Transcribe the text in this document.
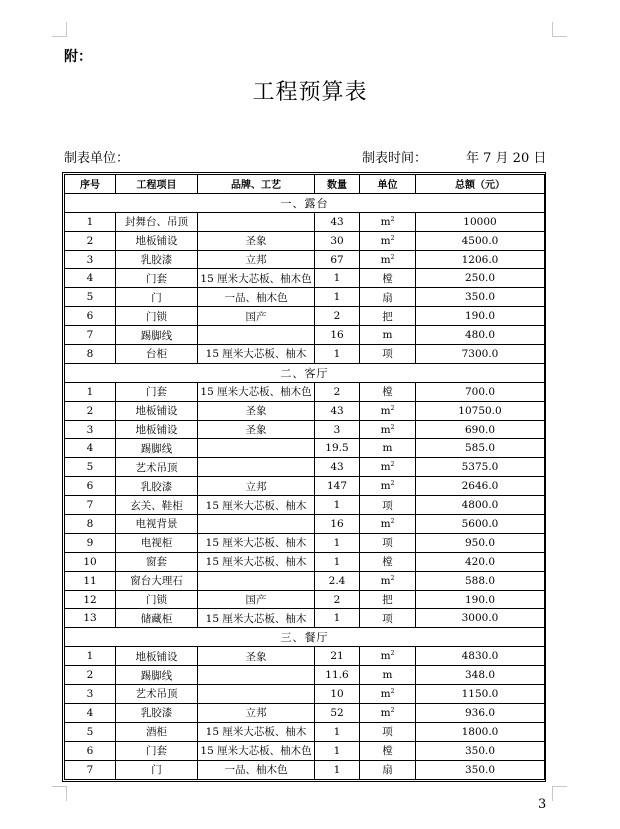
附：
工程预算表
制表单位：	制表时间：	年 7 月 20 日
序号	工程项目	品牌、工艺	数量	单位	总额（元）
一、露台					
1	封舞台、吊顶		43	$m^2$	10000
2	地板铺设	圣象	30	$m^2$	4500.0
3	乳胶漆	立邦	67	$m^2$	1206.0
4	门套	15 厘米大芯板、柚木色	1	樘	250.0
5	门	一品、柚木色	1	扇	350.0
6	门锁	国产	2	把	190.0
7	踢脚线		16	m	480.0
8	台柜	15 厘米大芯板、柚木	1	项	7300.0
二、客厅					
1	门套	15 厘米大芯板、柚木色	2	樘	700.0
2	地板铺设	圣象	43	$m^2$	10750.0
3	地板铺设	圣象	3	$m^2$	690.0
4	踢脚线		19.5	m	585.0
5	艺术吊顶		43	$m^2$	5375.0
6	乳胶漆	立邦	147	$m^2$	2646.0
7	玄关、鞋柜	15 厘米大芯板、柚木	1	项	4800.0
8	电视背景		16	$m^2$	5600.0
9	电视柜	15 厘米大芯板、柚木	1	项	950.0
10	窗套	15 厘米大芯板、柚木	1	樘	420.0
11	窗台大理石		2.4	$m^2$	588.0
12	门锁	国产	2	把	190.0
13	储藏柜	15 厘米大芯板、柚木	1	项	3000.0
三、餐厅					
1	地板铺设	圣象	21	$m^2$	4830.0
2	踢脚线		11.6	m	348.0
3	艺术吊顶		10	$m^2$	1150.0
4	乳胶漆	立邦	52	$m^2$	936.0
5	酒柜	15 厘米大芯板、柚木	1	项	1800.0
6	门套	15 厘米大芯板、柚木色	1	樘	350.0
7	门	一品、柚木色	1	扇	350.0
3
